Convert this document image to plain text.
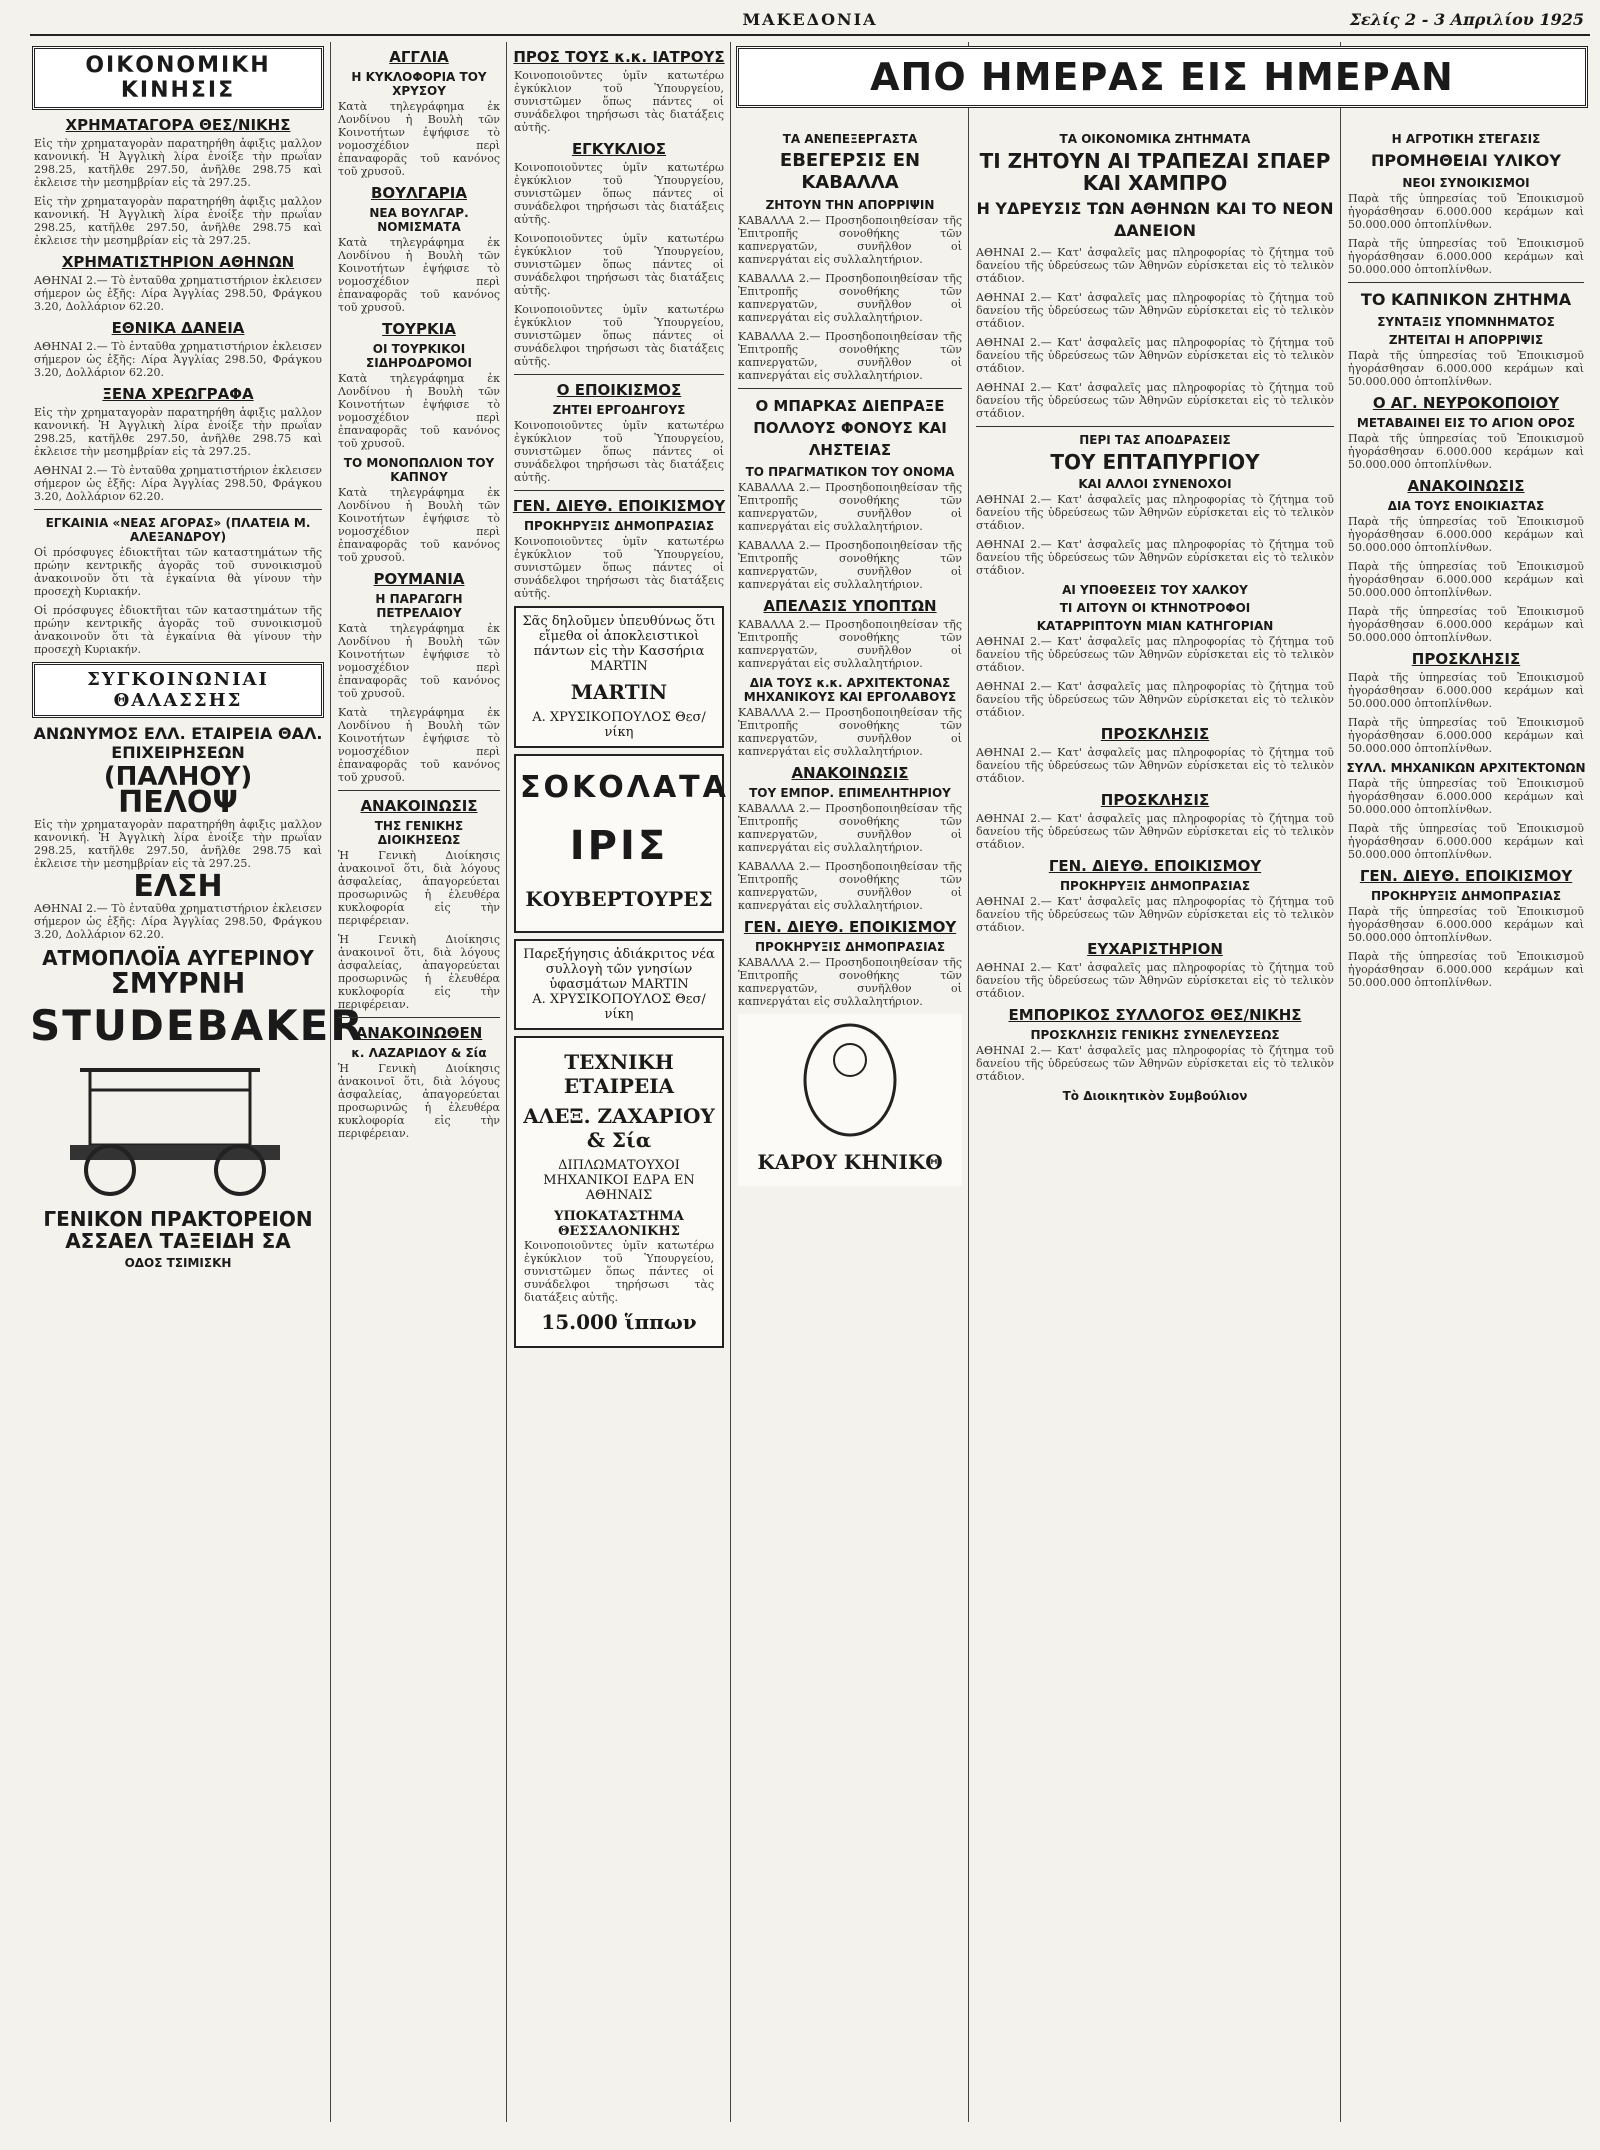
ΜΑΚΕΔΟΝΙΑ	Σελίς 2 - 3 Απριλίου 1925
ΟΙΚΟΝΟΜΙΚΗ ΚΙΝΗΣΙΣ
ΧΡΗΜΑΤΑΓΟΡΑ ΘΕΣ/ΝΙΚΗΣ
Εἰς τὴν χρηματαγορὰν παρατηρήθη ἀφιξις μαλλον κανονική. Ἡ Ἀγγλικὴ λίρα ἐνοίξε τὴν πρωΐαν 298.25, κατῆλθε 297.50, ἀνῆλθε 298.75 καὶ ἐκλεισε τὴν μεσημβρίαν εἰς τὰ 297.25.
Εἰς τὴν χρηματαγορὰν παρατηρήθη ἀφιξις μαλλον κανονική. Ἡ Ἀγγλικὴ λίρα ἐνοίξε τὴν πρωΐαν 298.25, κατῆλθε 297.50, ἀνῆλθε 298.75 καὶ ἐκλεισε τὴν μεσημβρίαν εἰς τὰ 297.25.
ΧΡΗΜΑΤΙΣΤΗΡΙΟΝ ΑΘΗΝΩΝ
ΑΘΗΝΑΙ 2.— Τὸ ἐνταῦθα χρηματιστήριον ἐκλεισεν σήμερον ὡς ἑξῆς: Λίρα Ἀγγλίας 298.50, Φράγκου 3.20, Δολλάριον 62.20.
ΕΘΝΙΚΑ ΔΑΝΕΙΑ
ΑΘΗΝΑΙ 2.— Τὸ ἐνταῦθα χρηματιστήριον ἐκλεισεν σήμερον ὡς ἑξῆς: Λίρα Ἀγγλίας 298.50, Φράγκου 3.20, Δολλάριον 62.20.
ΞΕΝΑ ΧΡΕΩΓΡΑΦΑ
Εἰς τὴν χρηματαγορὰν παρατηρήθη ἀφιξις μαλλον κανονική. Ἡ Ἀγγλικὴ λίρα ἐνοίξε τὴν πρωΐαν 298.25, κατῆλθε 297.50, ἀνῆλθε 298.75 καὶ ἐκλεισε τὴν μεσημβρίαν εἰς τὰ 297.25.
ΑΘΗΝΑΙ 2.— Τὸ ἐνταῦθα χρηματιστήριον ἐκλεισεν σήμερον ὡς ἑξῆς: Λίρα Ἀγγλίας 298.50, Φράγκου 3.20, Δολλάριον 62.20.
ΕΓΚΑΙΝΙΑ «ΝΕΑΣ ΑΓΟΡΑΣ» (ΠΛΑΤΕΙΑ Μ. ΑΛΕΞΑΝΔΡΟΥ)
Οἱ πρόσφυγες ἐδιοκτῆται τῶν καταστημάτων τῆς πρώην κεντρικῆς ἀγορᾶς τοῦ συνοικισμοῦ ἀνακοινοῦν ὅτι τὰ ἐγκαίνια θὰ γίνουν τὴν προσεχὴ Κυριακήν.
Οἱ πρόσφυγες ἐδιοκτῆται τῶν καταστημάτων τῆς πρώην κεντρικῆς ἀγορᾶς τοῦ συνοικισμοῦ ἀνακοινοῦν ὅτι τὰ ἐγκαίνια θὰ γίνουν τὴν προσεχὴ Κυριακήν.
ΣΥΓΚΟΙΝΩΝΙΑΙ ΘΑΛΑΣΣΗΣ
ΑΝΩΝΥΜΟΣ ΕΛΛ. ΕΤΑΙΡΕΙΑ ΘΑΛ. ΕΠΙΧΕΙΡΗΣΕΩΝ
(ΠΑΛΗΟΥ)
ΠΕΛΟΨ
Εἰς τὴν χρηματαγορὰν παρατηρήθη ἀφιξις μαλλον κανονική. Ἡ Ἀγγλικὴ λίρα ἐνοίξε τὴν πρωΐαν 298.25, κατῆλθε 297.50, ἀνῆλθε 298.75 καὶ ἐκλεισε τὴν μεσημβρίαν εἰς τὰ 297.25.
ΕΛΣΗ
ΑΘΗΝΑΙ 2.— Τὸ ἐνταῦθα χρηματιστήριον ἐκλεισεν σήμερον ὡς ἑξῆς: Λίρα Ἀγγλίας 298.50, Φράγκου 3.20, Δολλάριον 62.20.
ΑΤΜΟΠΛΟΪΑ ΑΥΓΕΡΙΝΟΥ
ΣΜΥΡΝΗ
STUDEBAKER
ΓΕΝΙΚΟΝ ΠΡΑΚΤΟΡΕΙΟΝ ΑΣΣΑΕΛ ΤΑΞΕΙΔΗ ΣΑ
ΟΔΟΣ ΤΣΙΜΙΣΚΗ
ΑΓΓΛΙΑ
Η ΚΥΚΛΟΦΟΡΙΑ ΤΟΥ ΧΡΥΣΟΥ
Κατὰ τηλεγράφημα ἐκ Λονδίνου ἡ Βουλὴ τῶν Κοινοτήτων ἐψήφισε τὸ νομοσχέδιον περὶ ἐπαναφορᾶς τοῦ κανόνος τοῦ χρυσοῦ.
ΒΟΥΛΓΑΡΙΑ
ΝΕΑ ΒΟΥΛΓΑΡ. ΝΟΜΙΣΜΑΤΑ
Κατὰ τηλεγράφημα ἐκ Λονδίνου ἡ Βουλὴ τῶν Κοινοτήτων ἐψήφισε τὸ νομοσχέδιον περὶ ἐπαναφορᾶς τοῦ κανόνος τοῦ χρυσοῦ.
ΤΟΥΡΚΙΑ
ΟΙ ΤΟΥΡΚΙΚΟΙ ΣΙΔΗΡΟΔΡΟΜΟΙ
Κατὰ τηλεγράφημα ἐκ Λονδίνου ἡ Βουλὴ τῶν Κοινοτήτων ἐψήφισε τὸ νομοσχέδιον περὶ ἐπαναφορᾶς τοῦ κανόνος τοῦ χρυσοῦ.
ΤΟ ΜΟΝΟΠΩΛΙΟΝ ΤΟΥ ΚΑΠΝΟΥ
Κατὰ τηλεγράφημα ἐκ Λονδίνου ἡ Βουλὴ τῶν Κοινοτήτων ἐψήφισε τὸ νομοσχέδιον περὶ ἐπαναφορᾶς τοῦ κανόνος τοῦ χρυσοῦ.
ΡΟΥΜΑΝΙΑ
Η ΠΑΡΑΓΩΓΗ ΠΕΤΡΕΛΑΙΟΥ
Κατὰ τηλεγράφημα ἐκ Λονδίνου ἡ Βουλὴ τῶν Κοινοτήτων ἐψήφισε τὸ νομοσχέδιον περὶ ἐπαναφορᾶς τοῦ κανόνος τοῦ χρυσοῦ.
Κατὰ τηλεγράφημα ἐκ Λονδίνου ἡ Βουλὴ τῶν Κοινοτήτων ἐψήφισε τὸ νομοσχέδιον περὶ ἐπαναφορᾶς τοῦ κανόνος τοῦ χρυσοῦ.
ΑΝΑΚΟΙΝΩΣΙΣ
ΤΗΣ ΓΕΝΙΚΗΣ ΔΙΟΙΚΗΣΕΩΣ
Ἡ Γενικὴ Διοίκησις ἀνακοινοῖ ὅτι, διὰ λόγους ἀσφαλείας, ἀπαγορεύεται προσωρινῶς ἡ ἐλευθέρα κυκλοφορία εἰς τὴν περιφέρειαν.
Ἡ Γενικὴ Διοίκησις ἀνακοινοῖ ὅτι, διὰ λόγους ἀσφαλείας, ἀπαγορεύεται προσωρινῶς ἡ ἐλευθέρα κυκλοφορία εἰς τὴν περιφέρειαν.
ΑΝΑΚΟΙΝΩΘΕΝ
κ. ΛΑΖΑΡΙΔΟΥ & Σία
Ἡ Γενικὴ Διοίκησις ἀνακοινοῖ ὅτι, διὰ λόγους ἀσφαλείας, ἀπαγορεύεται προσωρινῶς ἡ ἐλευθέρα κυκλοφορία εἰς τὴν περιφέρειαν.
ΠΡΟΣ ΤΟΥΣ κ.κ. ΙΑΤΡΟΥΣ
Κοινοποιοῦντες ὑμῖν κατωτέρω ἐγκύκλιον τοῦ Ὑπουργείου, συνιστῶμεν ὅπως πάντες οἱ συνάδελφοι τηρήσωσι τὰς διατάξεις αὐτῆς.
ΕΓΚΥΚΛΙΟΣ
Κοινοποιοῦντες ὑμῖν κατωτέρω ἐγκύκλιον τοῦ Ὑπουργείου, συνιστῶμεν ὅπως πάντες οἱ συνάδελφοι τηρήσωσι τὰς διατάξεις αὐτῆς.
Κοινοποιοῦντες ὑμῖν κατωτέρω ἐγκύκλιον τοῦ Ὑπουργείου, συνιστῶμεν ὅπως πάντες οἱ συνάδελφοι τηρήσωσι τὰς διατάξεις αὐτῆς.
Κοινοποιοῦντες ὑμῖν κατωτέρω ἐγκύκλιον τοῦ Ὑπουργείου, συνιστῶμεν ὅπως πάντες οἱ συνάδελφοι τηρήσωσι τὰς διατάξεις αὐτῆς.
Ο ΕΠΟΙΚΙΣΜΟΣ
ΖΗΤΕΙ ΕΡΓΟΔΗΓΟΥΣ
Κοινοποιοῦντες ὑμῖν κατωτέρω ἐγκύκλιον τοῦ Ὑπουργείου, συνιστῶμεν ὅπως πάντες οἱ συνάδελφοι τηρήσωσι τὰς διατάξεις αὐτῆς.
ΓΕΝ. ΔΙΕΥΘ. ΕΠΟΙΚΙΣΜΟΥ
ΠΡΟΚΗΡΥΞΙΣ ΔΗΜΟΠΡΑΣΙΑΣ
Κοινοποιοῦντες ὑμῖν κατωτέρω ἐγκύκλιον τοῦ Ὑπουργείου, συνιστῶμεν ὅπως πάντες οἱ συνάδελφοι τηρήσωσι τὰς διατάξεις αὐτῆς.
Σᾶς δηλοῦμεν ὑπευθύνως ὅτι εἴμεθα οἱ ἀποκλειστικοὶ πάντων εἰς τὴν Κασσήρια MARTIN
MARTIN
Α. ΧΡΥΣΙΚΟΠΟΥΛΟΣ Θεσ/νίκη
ΣΟΚΟΛΑΤΑ
ΙΡΙΣ
ΚΟΥΒΕΡΤΟΥΡΕΣ
Παρεξήγησις ἀδιάκριτος νέα συλλογὴ τῶν γνησίων ὑφασμάτων MARTIN
Α. ΧΡΥΣΙΚΟΠΟΥΛΟΣ Θεσ/νίκη
ΤΕΧΝΙΚΗ ΕΤΑΙΡΕΙΑ
ΑΛΕΞ. ΖΑΧΑΡΙΟΥ & Σία
ΔΙΠΛΩΜΑΤΟΥΧΟΙ ΜΗΧΑΝΙΚΟΙ ΕΔΡΑ ΕΝ ΑΘΗΝΑΙΣ
ΥΠΟΚΑΤΑΣΤΗΜΑ ΘΕΣΣΑΛΟΝΙΚΗΣ
Κοινοποιοῦντες ὑμῖν κατωτέρω ἐγκύκλιον τοῦ Ὑπουργείου, συνιστῶμεν ὅπως πάντες οἱ συνάδελφοι τηρήσωσι τὰς διατάξεις αὐτῆς.
15.000 ἵππων
ΑΠΟ ΗΜΕΡΑΣ ΕΙΣ ΗΜΕΡΑΝ
ΤΑ ΑΝΕΠΕΞΕΡΓΑΣΤΑ
ΕΒΕΓΕΡΣΙΣ ΕΝ ΚΑΒΑΛΛΑ
ΖΗΤΟΥΝ ΤΗΝ ΑΠΟΡΡΙΨΙΝ
ΚΑΒΑΛΛΑ 2.— Προσηδοποιηθείσαν τῆς Ἐπιτροπῆς σονοθήκης τῶν καπνεργατῶν, συνῆλθον οἱ καπνεργάται εἰς συλλαλητήριον.
ΚΑΒΑΛΛΑ 2.— Προσηδοποιηθείσαν τῆς Ἐπιτροπῆς σονοθήκης τῶν καπνεργατῶν, συνῆλθον οἱ καπνεργάται εἰς συλλαλητήριον.
ΚΑΒΑΛΛΑ 2.— Προσηδοποιηθείσαν τῆς Ἐπιτροπῆς σονοθήκης τῶν καπνεργατῶν, συνῆλθον οἱ καπνεργάται εἰς συλλαλητήριον.
Ο ΜΠΑΡΚΑΣ ΔΙΕΠΡΑΞΕ ΠΟΛΛΟΥΣ ΦΟΝΟΥΣ ΚΑΙ ΛΗΣΤΕΙΑΣ
ΤΟ ΠΡΑΓΜΑΤΙΚΟΝ ΤΟΥ ΟΝΟΜΑ
ΚΑΒΑΛΛΑ 2.— Προσηδοποιηθείσαν τῆς Ἐπιτροπῆς σονοθήκης τῶν καπνεργατῶν, συνῆλθον οἱ καπνεργάται εἰς συλλαλητήριον.
ΚΑΒΑΛΛΑ 2.— Προσηδοποιηθείσαν τῆς Ἐπιτροπῆς σονοθήκης τῶν καπνεργατῶν, συνῆλθον οἱ καπνεργάται εἰς συλλαλητήριον.
ΑΠΕΛΑΣΙΣ ΥΠΟΠΤΩΝ
ΚΑΒΑΛΛΑ 2.— Προσηδοποιηθείσαν τῆς Ἐπιτροπῆς σονοθήκης τῶν καπνεργατῶν, συνῆλθον οἱ καπνεργάται εἰς συλλαλητήριον.
ΔΙΑ ΤΟΥΣ κ.κ. ΑΡΧΙΤΕΚΤΟΝΑΣ ΜΗΧΑΝΙΚΟΥΣ ΚΑΙ ΕΡΓΟΛΑΒΟΥΣ
ΚΑΒΑΛΛΑ 2.— Προσηδοποιηθείσαν τῆς Ἐπιτροπῆς σονοθήκης τῶν καπνεργατῶν, συνῆλθον οἱ καπνεργάται εἰς συλλαλητήριον.
ΑΝΑΚΟΙΝΩΣΙΣ
ΤΟΥ ΕΜΠΟΡ. ΕΠΙΜΕΛΗΤΗΡΙΟΥ
ΚΑΒΑΛΛΑ 2.— Προσηδοποιηθείσαν τῆς Ἐπιτροπῆς σονοθήκης τῶν καπνεργατῶν, συνῆλθον οἱ καπνεργάται εἰς συλλαλητήριον.
ΚΑΒΑΛΛΑ 2.— Προσηδοποιηθείσαν τῆς Ἐπιτροπῆς σονοθήκης τῶν καπνεργατῶν, συνῆλθον οἱ καπνεργάται εἰς συλλαλητήριον.
ΓΕΝ. ΔΙΕΥΘ. ΕΠΟΙΚΙΣΜΟΥ
ΠΡΟΚΗΡΥΞΙΣ ΔΗΜΟΠΡΑΣΙΑΣ
ΚΑΒΑΛΛΑ 2.— Προσηδοποιηθείσαν τῆς Ἐπιτροπῆς σονοθήκης τῶν καπνεργατῶν, συνῆλθον οἱ καπνεργάται εἰς συλλαλητήριον.
ΚΑΡΟΥ ΚΗΝΙΚΘ
ΤΑ ΟΙΚΟΝΟΜΙΚΑ ΖΗΤΗΜΑΤΑ
ΤΙ ΖΗΤΟΥΝ ΑΙ ΤΡΑΠΕΖΑΙ ΣΠΑΕΡ ΚΑΙ ΧΑΜΠΡΟ
Η ΥΔΡΕΥΣΙΣ ΤΩΝ ΑΘΗΝΩΝ ΚΑΙ ΤΟ ΝΕΟΝ ΔΑΝΕΙΟΝ
ΑΘΗΝΑΙ 2.— Κατ' ἀσφαλεῖς μας πληροφορίας τὸ ζήτημα τοῦ δανείου τῆς ὑδρεύσεως τῶν Ἀθηνῶν εὑρίσκεται εἰς τὸ τελικὸν στάδιον.
ΑΘΗΝΑΙ 2.— Κατ' ἀσφαλεῖς μας πληροφορίας τὸ ζήτημα τοῦ δανείου τῆς ὑδρεύσεως τῶν Ἀθηνῶν εὑρίσκεται εἰς τὸ τελικὸν στάδιον.
ΑΘΗΝΑΙ 2.— Κατ' ἀσφαλεῖς μας πληροφορίας τὸ ζήτημα τοῦ δανείου τῆς ὑδρεύσεως τῶν Ἀθηνῶν εὑρίσκεται εἰς τὸ τελικὸν στάδιον.
ΑΘΗΝΑΙ 2.— Κατ' ἀσφαλεῖς μας πληροφορίας τὸ ζήτημα τοῦ δανείου τῆς ὑδρεύσεως τῶν Ἀθηνῶν εὑρίσκεται εἰς τὸ τελικὸν στάδιον.
ΠΕΡΙ ΤΑΣ ΑΠΟΔΡΑΣΕΙΣ
ΤΟΥ ΕΠΤΑΠΥΡΓΙΟΥ
ΚΑΙ ΑΛΛΟΙ ΣΥΝΕΝΟΧΟΙ
ΑΘΗΝΑΙ 2.— Κατ' ἀσφαλεῖς μας πληροφορίας τὸ ζήτημα τοῦ δανείου τῆς ὑδρεύσεως τῶν Ἀθηνῶν εὑρίσκεται εἰς τὸ τελικὸν στάδιον.
ΑΘΗΝΑΙ 2.— Κατ' ἀσφαλεῖς μας πληροφορίας τὸ ζήτημα τοῦ δανείου τῆς ὑδρεύσεως τῶν Ἀθηνῶν εὑρίσκεται εἰς τὸ τελικὸν στάδιον.
ΑΙ ΥΠΟΘΕΣΕΙΣ ΤΟΥ ΧΑΛΚΟΥ
ΤΙ ΑΙΤΟΥΝ ΟΙ ΚΤΗΝΟΤΡΟΦΟΙ
ΚΑΤΑΡΡΙΠΤΟΥΝ ΜΙΑΝ ΚΑΤΗΓΟΡΙΑΝ
ΑΘΗΝΑΙ 2.— Κατ' ἀσφαλεῖς μας πληροφορίας τὸ ζήτημα τοῦ δανείου τῆς ὑδρεύσεως τῶν Ἀθηνῶν εὑρίσκεται εἰς τὸ τελικὸν στάδιον.
ΑΘΗΝΑΙ 2.— Κατ' ἀσφαλεῖς μας πληροφορίας τὸ ζήτημα τοῦ δανείου τῆς ὑδρεύσεως τῶν Ἀθηνῶν εὑρίσκεται εἰς τὸ τελικὸν στάδιον.
ΠΡΟΣΚΛΗΣΙΣ
ΑΘΗΝΑΙ 2.— Κατ' ἀσφαλεῖς μας πληροφορίας τὸ ζήτημα τοῦ δανείου τῆς ὑδρεύσεως τῶν Ἀθηνῶν εὑρίσκεται εἰς τὸ τελικὸν στάδιον.
ΠΡΟΣΚΛΗΣΙΣ
ΑΘΗΝΑΙ 2.— Κατ' ἀσφαλεῖς μας πληροφορίας τὸ ζήτημα τοῦ δανείου τῆς ὑδρεύσεως τῶν Ἀθηνῶν εὑρίσκεται εἰς τὸ τελικὸν στάδιον.
ΓΕΝ. ΔΙΕΥΘ. ΕΠΟΙΚΙΣΜΟΥ
ΠΡΟΚΗΡΥΞΙΣ ΔΗΜΟΠΡΑΣΙΑΣ
ΑΘΗΝΑΙ 2.— Κατ' ἀσφαλεῖς μας πληροφορίας τὸ ζήτημα τοῦ δανείου τῆς ὑδρεύσεως τῶν Ἀθηνῶν εὑρίσκεται εἰς τὸ τελικὸν στάδιον.
ΕΥΧΑΡΙΣΤΗΡΙΟΝ
ΑΘΗΝΑΙ 2.— Κατ' ἀσφαλεῖς μας πληροφορίας τὸ ζήτημα τοῦ δανείου τῆς ὑδρεύσεως τῶν Ἀθηνῶν εὑρίσκεται εἰς τὸ τελικὸν στάδιον.
ΕΜΠΟΡΙΚΟΣ ΣΥΛΛΟΓΟΣ ΘΕΣ/ΝΙΚΗΣ
ΠΡΟΣΚΛΗΣΙΣ ΓΕΝΙΚΗΣ ΣΥΝΕΛΕΥΣΕΩΣ
ΑΘΗΝΑΙ 2.— Κατ' ἀσφαλεῖς μας πληροφορίας τὸ ζήτημα τοῦ δανείου τῆς ὑδρεύσεως τῶν Ἀθηνῶν εὑρίσκεται εἰς τὸ τελικὸν στάδιον.
Τὸ Διοικητικὸν Συμβούλιον
Η ΑΓΡΟΤΙΚΗ ΣΤΕΓΑΣΙΣ
ΠΡΟΜΗΘΕΙΑΙ ΥΛΙΚΟΥ
ΝΕΟΙ ΣΥΝΟΙΚΙΣΜΟΙ
Παρὰ τῆς ὑπηρεσίας τοῦ Ἐποικισμοῦ ἠγοράσθησαν 6.000.000 κεράμων καὶ 50.000.000 ὀπτοπλίνθων.
Παρὰ τῆς ὑπηρεσίας τοῦ Ἐποικισμοῦ ἠγοράσθησαν 6.000.000 κεράμων καὶ 50.000.000 ὀπτοπλίνθων.
ΤΟ ΚΑΠΝΙΚΟΝ ΖΗΤΗΜΑ
ΣΥΝΤΑΞΙΣ ΥΠΟΜΝΗΜΑΤΟΣ
ΖΗΤΕΙΤΑΙ Η ΑΠΟΡΡΙΨΙΣ
Παρὰ τῆς ὑπηρεσίας τοῦ Ἐποικισμοῦ ἠγοράσθησαν 6.000.000 κεράμων καὶ 50.000.000 ὀπτοπλίνθων.
Ο ΑΓ. ΝΕΥΡΟΚΟΠΟΙΟΥ
ΜΕΤΑΒΑΙΝΕΙ ΕΙΣ ΤΟ ΑΓΙΟΝ ΟΡΟΣ
Παρὰ τῆς ὑπηρεσίας τοῦ Ἐποικισμοῦ ἠγοράσθησαν 6.000.000 κεράμων καὶ 50.000.000 ὀπτοπλίνθων.
ΑΝΑΚΟΙΝΩΣΙΣ
ΔΙΑ ΤΟΥΣ ΕΝΟΙΚΙΑΣΤΑΣ
Παρὰ τῆς ὑπηρεσίας τοῦ Ἐποικισμοῦ ἠγοράσθησαν 6.000.000 κεράμων καὶ 50.000.000 ὀπτοπλίνθων.
Παρὰ τῆς ὑπηρεσίας τοῦ Ἐποικισμοῦ ἠγοράσθησαν 6.000.000 κεράμων καὶ 50.000.000 ὀπτοπλίνθων.
Παρὰ τῆς ὑπηρεσίας τοῦ Ἐποικισμοῦ ἠγοράσθησαν 6.000.000 κεράμων καὶ 50.000.000 ὀπτοπλίνθων.
ΠΡΟΣΚΛΗΣΙΣ
Παρὰ τῆς ὑπηρεσίας τοῦ Ἐποικισμοῦ ἠγοράσθησαν 6.000.000 κεράμων καὶ 50.000.000 ὀπτοπλίνθων.
Παρὰ τῆς ὑπηρεσίας τοῦ Ἐποικισμοῦ ἠγοράσθησαν 6.000.000 κεράμων καὶ 50.000.000 ὀπτοπλίνθων.
ΣΥΛΛ. ΜΗΧΑΝΙΚΩΝ ΑΡΧΙΤΕΚΤΟΝΩΝ
Παρὰ τῆς ὑπηρεσίας τοῦ Ἐποικισμοῦ ἠγοράσθησαν 6.000.000 κεράμων καὶ 50.000.000 ὀπτοπλίνθων.
Παρὰ τῆς ὑπηρεσίας τοῦ Ἐποικισμοῦ ἠγοράσθησαν 6.000.000 κεράμων καὶ 50.000.000 ὀπτοπλίνθων.
ΓΕΝ. ΔΙΕΥΘ. ΕΠΟΙΚΙΣΜΟΥ
ΠΡΟΚΗΡΥΞΙΣ ΔΗΜΟΠΡΑΣΙΑΣ
Παρὰ τῆς ὑπηρεσίας τοῦ Ἐποικισμοῦ ἠγοράσθησαν 6.000.000 κεράμων καὶ 50.000.000 ὀπτοπλίνθων.
Παρὰ τῆς ὑπηρεσίας τοῦ Ἐποικισμοῦ ἠγοράσθησαν 6.000.000 κεράμων καὶ 50.000.000 ὀπτοπλίνθων.
